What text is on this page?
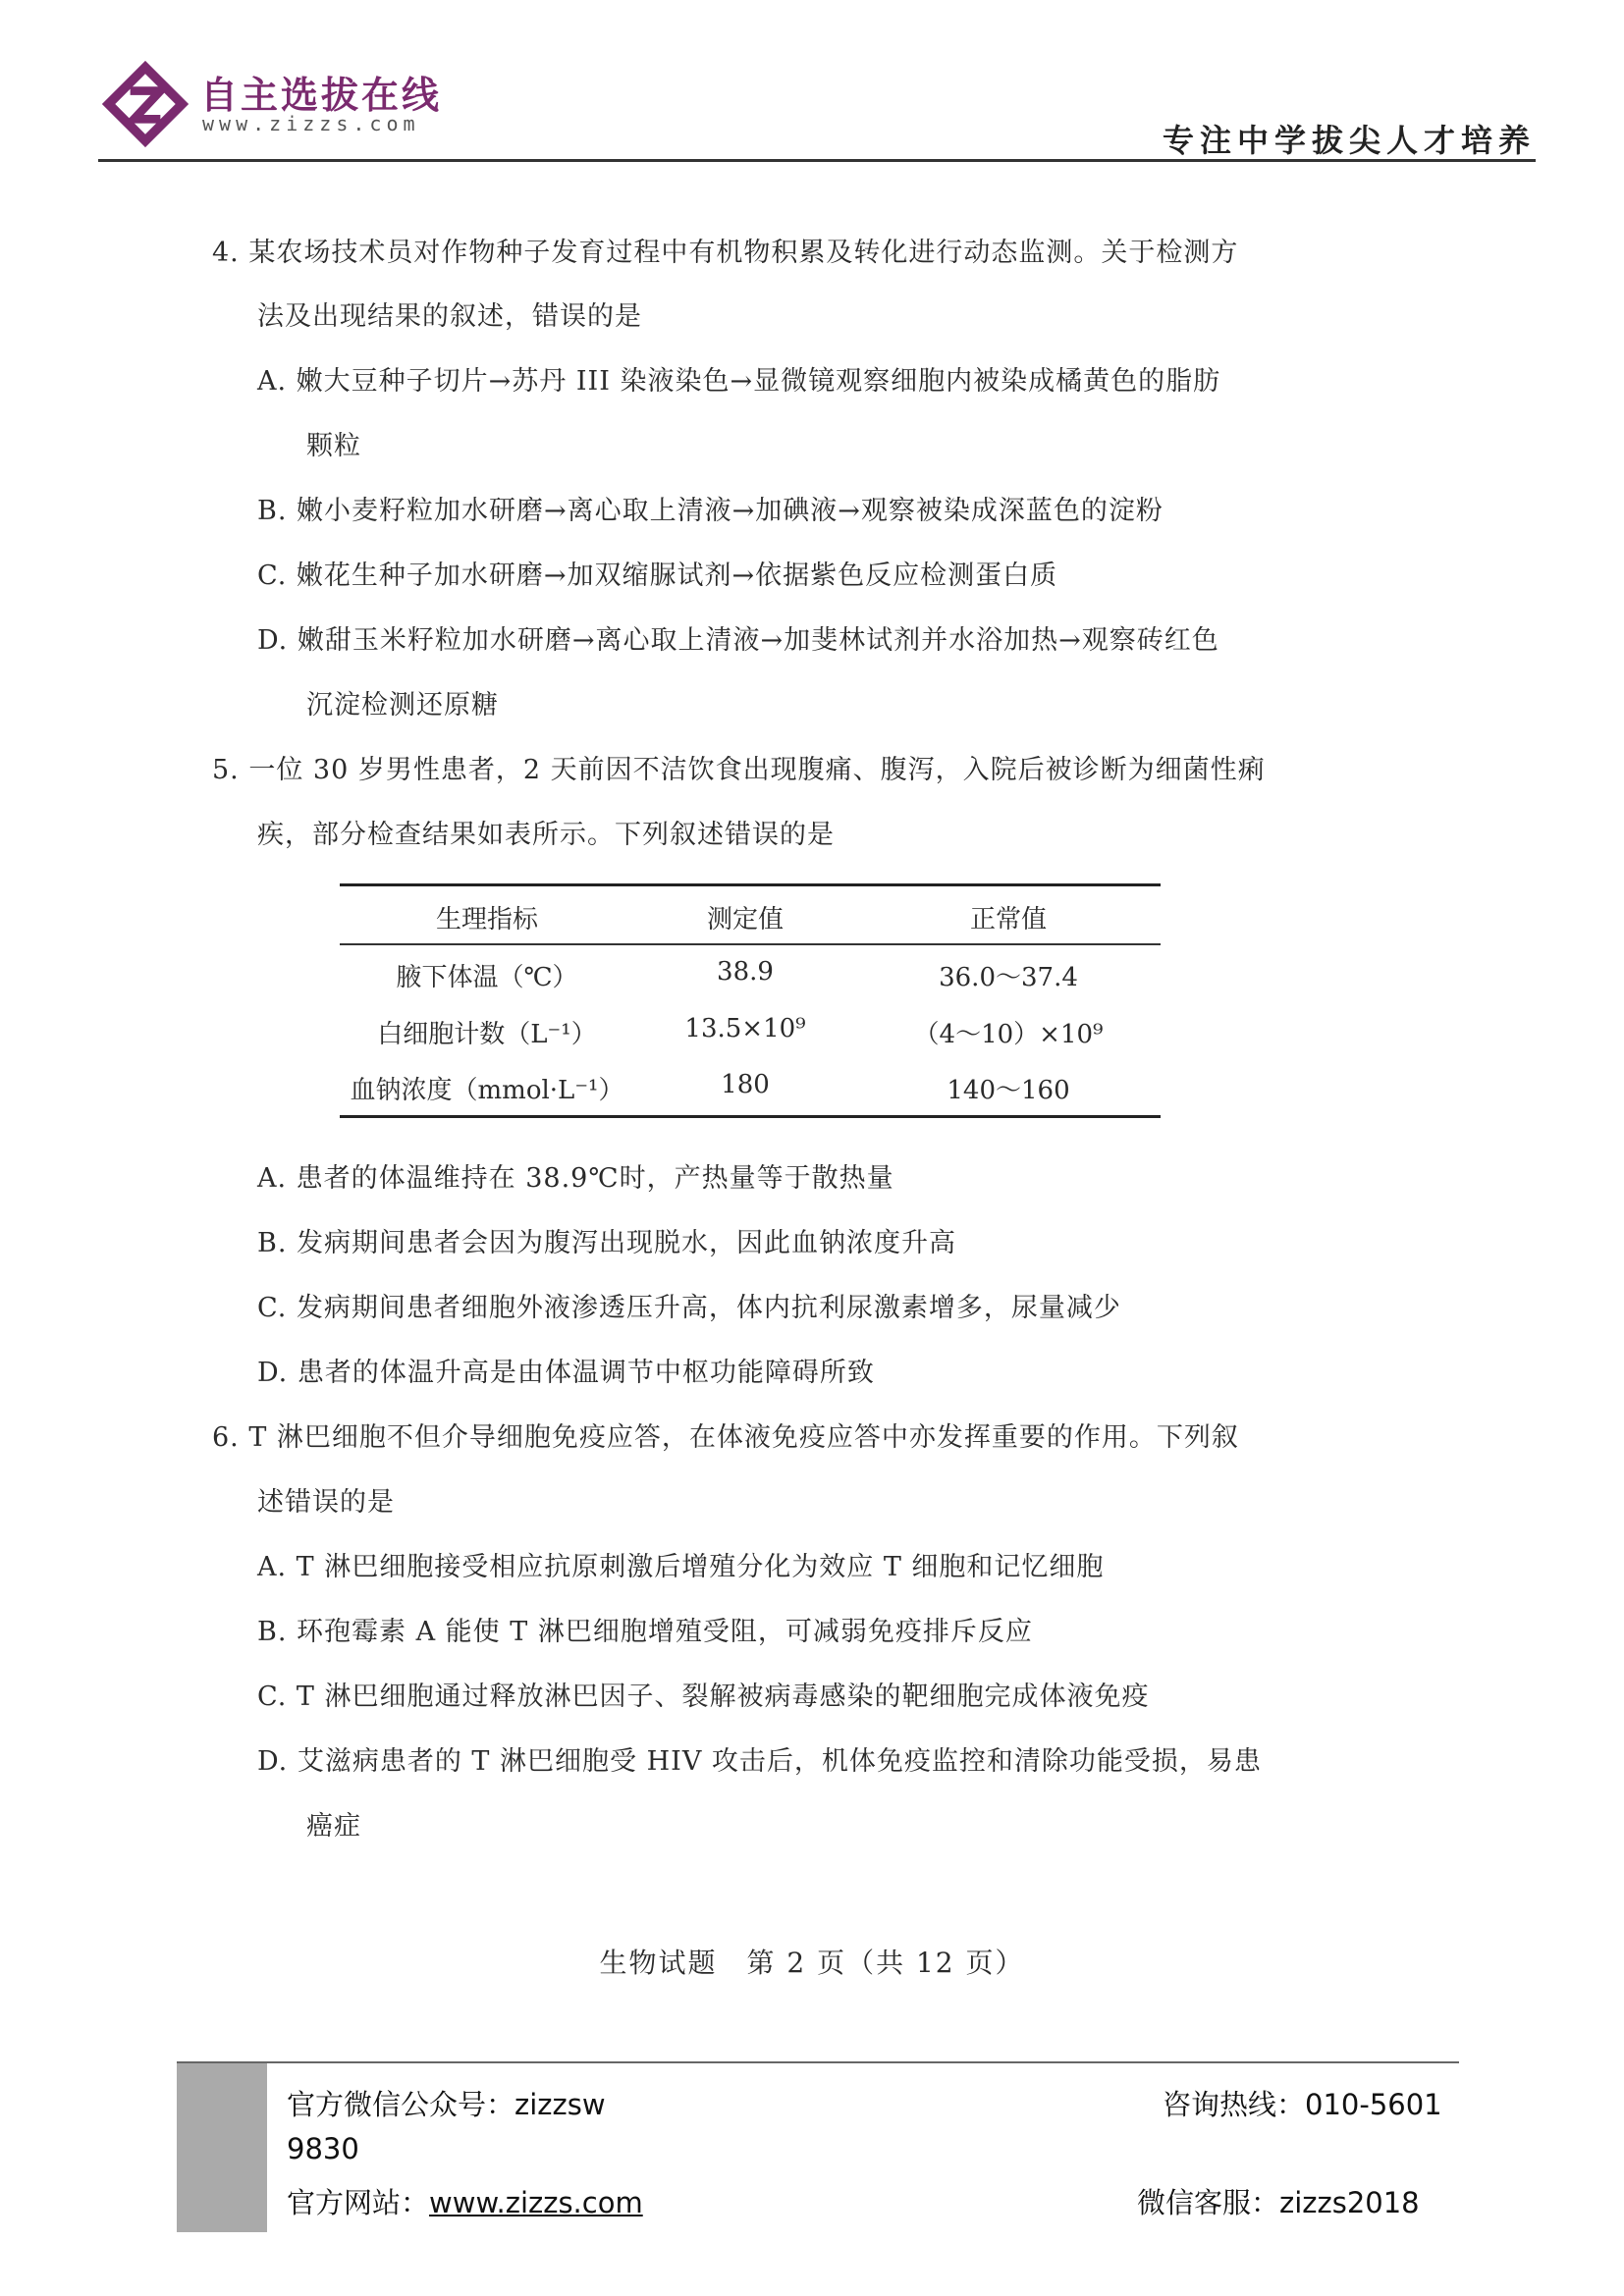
自主选拔在线
www.zizzs.com	专注中学拔尖人才培养
4. 某农场技术员对作物种子发育过程中有机物积累及转化进行动态监测。关于检测方
法及出现结果的叙述，错误的是
A. 嫩大豆种子切片→苏丹 III 染液染色→显微镜观察细胞内被染成橘黄色的脂肪
颗粒
B. 嫩小麦籽粒加水研磨→离心取上清液→加碘液→观察被染成深蓝色的淀粉
C. 嫩花生种子加水研磨→加双缩脲试剂→依据紫色反应检测蛋白质
D. 嫩甜玉米籽粒加水研磨→离心取上清液→加斐林试剂并水浴加热→观察砖红色
沉淀检测还原糖
5. 一位 30 岁男性患者，2 天前因不洁饮食出现腹痛、腹泻，入院后被诊断为细菌性痢
疾，部分检查结果如表所示。下列叙述错误的是
生理指标	测定值	正常值
腋下体温（℃）	38.9	36.0～37.4
白细胞计数（L⁻¹）	13.5×10⁹	（4～10）×10⁹
血钠浓度（mmol·L⁻¹）	180	140～160
A. 患者的体温维持在 38.9℃时，产热量等于散热量
B. 发病期间患者会因为腹泻出现脱水，因此血钠浓度升高
C. 发病期间患者细胞外液渗透压升高，体内抗利尿激素增多，尿量减少
D. 患者的体温升高是由体温调节中枢功能障碍所致
6. T 淋巴细胞不但介导细胞免疫应答，在体液免疫应答中亦发挥重要的作用。下列叙
述错误的是
A. T 淋巴细胞接受相应抗原刺激后增殖分化为效应 T 细胞和记忆细胞
B. 环孢霉素 A 能使 T 淋巴细胞增殖受阻，可减弱免疫排斥反应
C. T 淋巴细胞通过释放淋巴因子、裂解被病毒感染的靶细胞完成体液免疫
D. 艾滋病患者的 T 淋巴细胞受 HIV 攻击后，机体免疫监控和清除功能受损，易患
癌症
生物试题　第 2 页（共 12 页）
官方微信公众号：zizzsw	咨询热线：010-5601
9830
官方网站：www.zizzs.com	微信客服：zizzs2018
